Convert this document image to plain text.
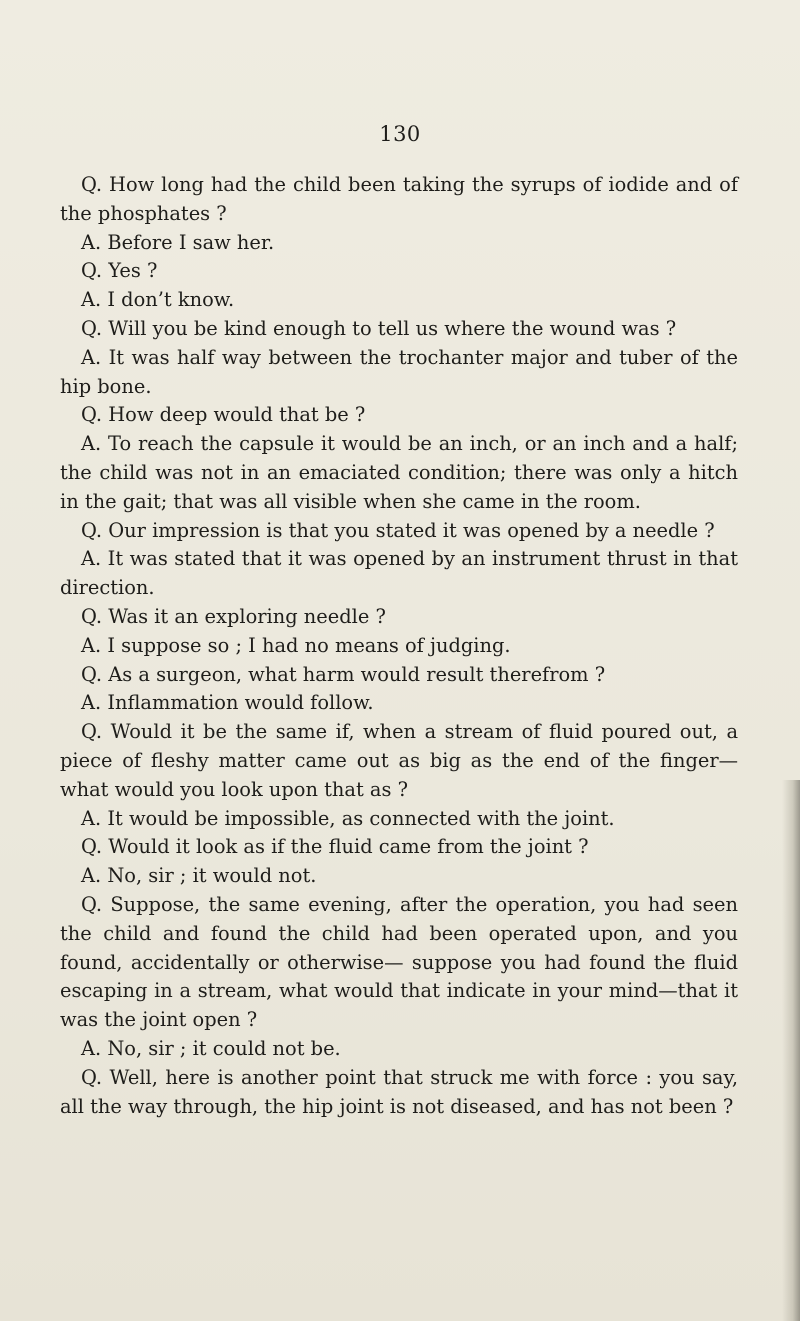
130

Q. How long had the child been taking the syrups of iodide and of the phosphates ?

A. Before I saw her.

Q. Yes ?

A. I don’t know.

Q. Will you be kind enough to tell us where the wound was ?

A. It was half way between the trochanter major and tuber of the hip bone.

Q. How deep would that be ?

A. To reach the capsule it would be an inch, or an inch and a half; the child was not in an emaciated condition; there was only a hitch in the gait; that was all visible when she came in the room.

Q. Our impression is that you stated it was opened by a needle ?

A. It was stated that it was opened by an instrument thrust in that direction.

Q. Was it an exploring needle ?

A. I suppose so ; I had no means of judging.

Q. As a surgeon, what harm would result therefrom ?

A. Inflammation would follow.

Q. Would it be the same if, when a stream of fluid poured out, a piece of fleshy matter came out as big as the end of the finger—what would you look upon that as ?

A. It would be impossible, as connected with the joint.

Q. Would it look as if the fluid came from the joint ?

A. No, sir ; it would not.

Q. Suppose, the same evening, after the operation, you had seen the child and found the child had been operated upon, and you found, accidentally or otherwise— suppose you had found the fluid escaping in a stream, what would that indicate in your mind—that it was the joint open ?

A. No, sir ; it could not be.

Q. Well, here is another point that struck me with force : you say, all the way through, the hip joint is not diseased, and has not been ?
